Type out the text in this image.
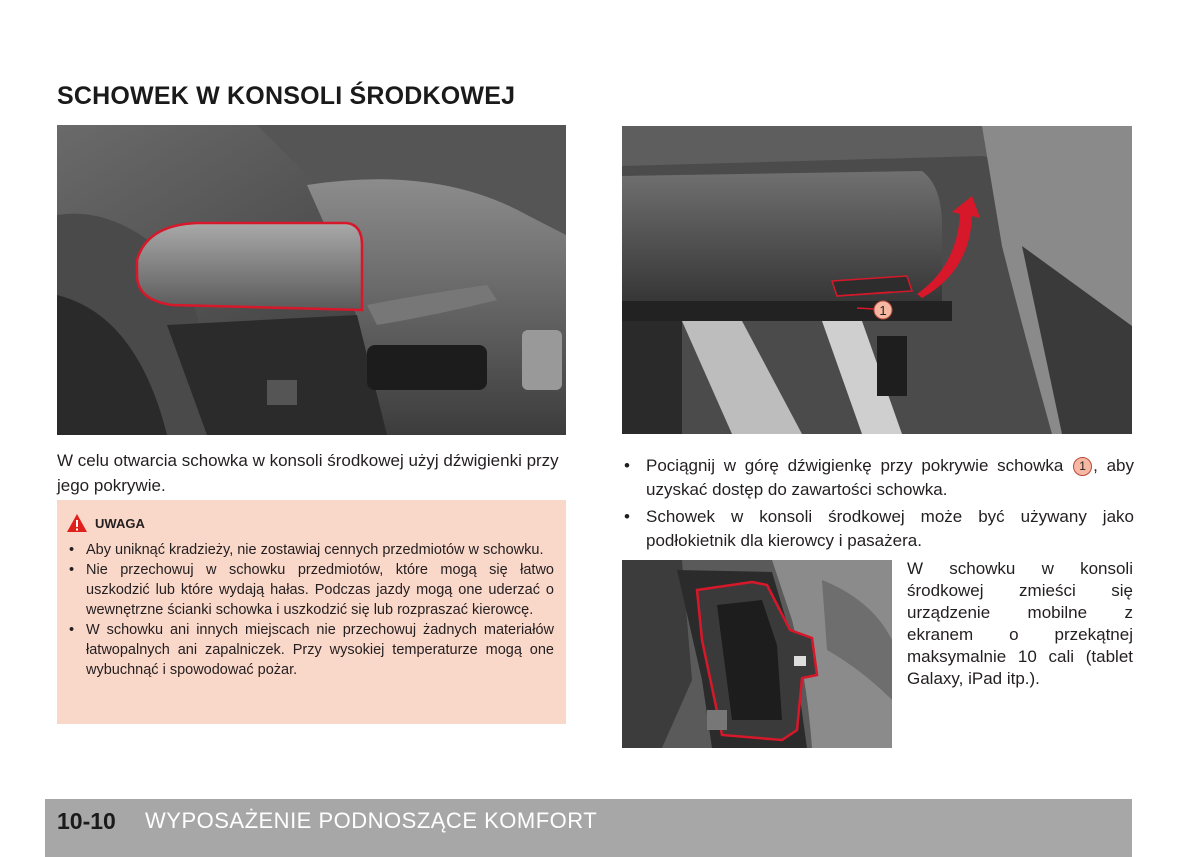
SCHOWEK W KONSOLI ŚRODKOWEJ
W celu otwarcia schowka w konsoli środkowej użyj dźwigienki przy jego pokrywie.
UWAGA
• Aby uniknąć kradzieży, nie zostawiaj cennych przedmiotów w schowku.
• Nie przechowuj w schowku przedmiotów, które mogą się łatwo uszkodzić lub które wydają hałas. Podczas jazdy mogą one uderzać o wewnętrzne ścianki schowka i uszkodzić się lub rozpraszać kierowcę.
• W schowku ani innych miejscach nie przechowuj żadnych materiałów łatwopalnych ani zapalniczek. Przy wysokiej temperaturze mogą one wybuchnąć i spowodować pożar.
1
• Pociągnij w górę dźwigienkę przy pokrywie schowka 1 , aby uzyskać dostęp do zawartości schowka.
• Schowek w konsoli środkowej może być używany jako podłokietnik dla kierowcy i pasażera.
W schowku w konsoli środkowej zmieści się urządzenie mobilne z ekranem o przekątnej maksymalnie 10 cali (tablet Galaxy, iPad itp.).
10-10 WYPOSAŻENIE PODNOSZĄCE KOMFORT
